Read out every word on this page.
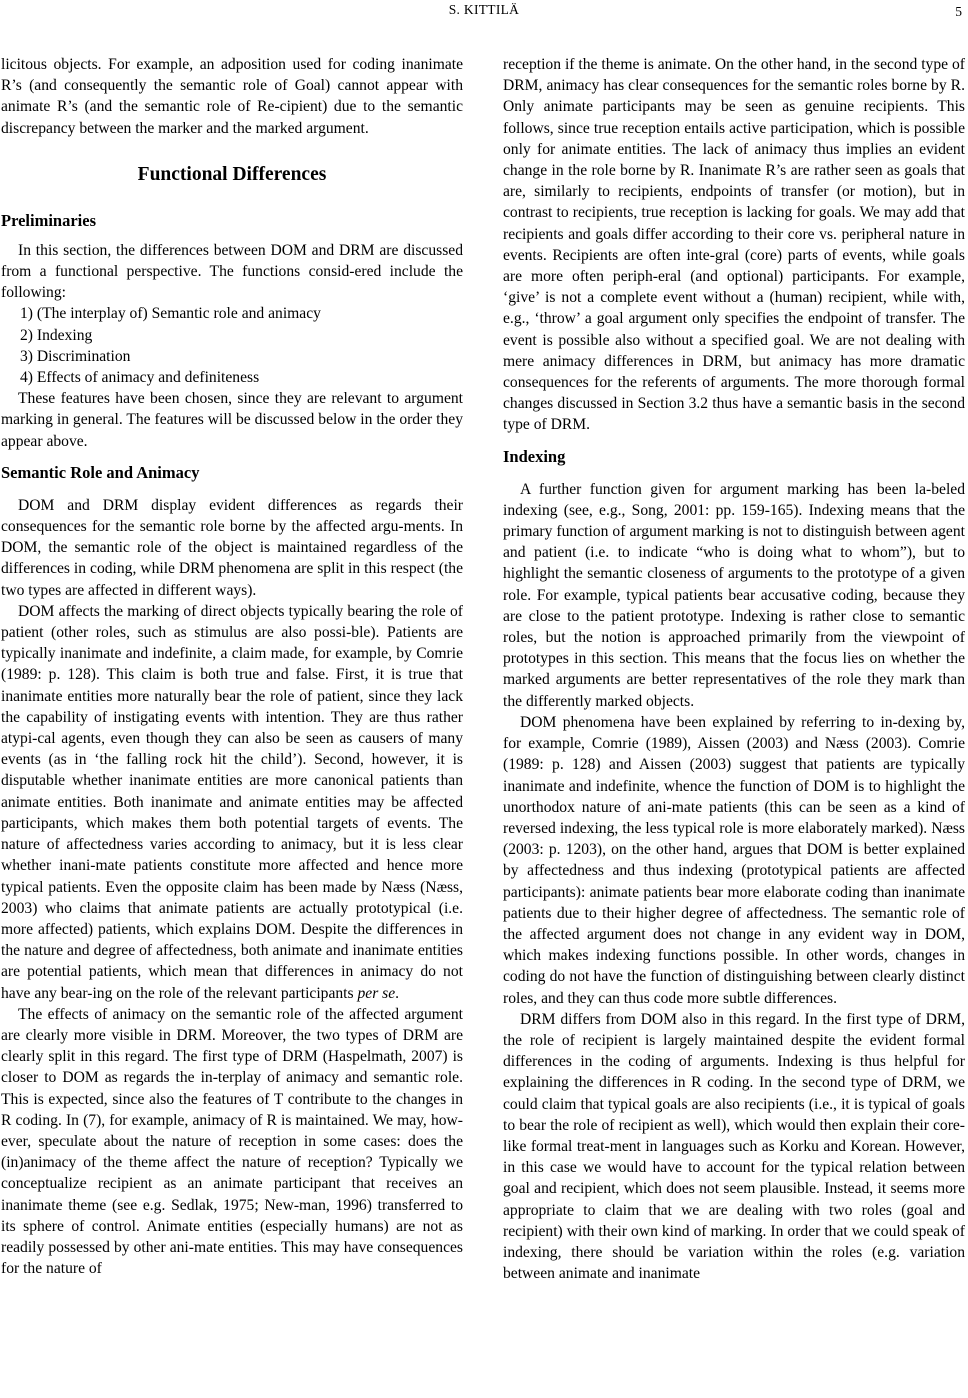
S. KITTILÄ	5

licitous objects. For example, an adposition used for coding inanimate R’s (and consequently the semantic role of Goal) cannot appear with animate R’s (and the semantic role of Re-cipient) due to the semantic discrepancy between the marker and the marked argument.

Functional Differences
Preliminaries

In this section, the differences between DOM and DRM are discussed from a functional perspective. The functions consid-ered include the following:

1) (The interplay of) Semantic role and animacy
2) Indexing
3) Discrimination
4) Effects of animacy and definiteness

These features have been chosen, since they are relevant to argument marking in general. The features will be discussed below in the order they appear above.

Semantic Role and Animacy

DOM and DRM display evident differences as regards their consequences for the semantic role borne by the affected argu-ments. In DOM, the semantic role of the object is maintained regardless of the differences in coding, while DRM phenomena are split in this respect (the two types are affected in different ways).

DOM affects the marking of direct objects typically bearing the role of patient (other roles, such as stimulus are also possi-ble). Patients are typically inanimate and indefinite, a claim made, for example, by Comrie (1989: p. 128). This claim is both true and false. First, it is true that inanimate entities more naturally bear the role of patient, since they lack the capability of instigating events with intention. They are thus rather atypi-cal agents, even though they can also be seen as causers of many events (as in ‘the falling rock hit the child’). Second, however, it is disputable whether inanimate entities are more canonical patients than animate entities. Both inanimate and animate entities may be affected participants, which makes them both potential targets of events. The nature of affectedness varies according to animacy, but it is less clear whether inani-mate patients constitute more affected and hence more typical patients. Even the opposite claim has been made by Næss (Næss, 2003) who claims that animate patients are actually prototypical (i.e. more affected) patients, which explains DOM. Despite the differences in the nature and degree of affectedness, both animate and inanimate entities are potential patients, which mean that differences in animacy do not have any bear-ing on the role of the relevant participants per se.

The effects of animacy on the semantic role of the affected argument are clearly more visible in DRM. Moreover, the two types of DRM are clearly split in this regard. The first type of DRM (Haspelmath, 2007) is closer to DOM as regards the in-terplay of animacy and semantic role. This is expected, since also the features of T contribute to the changes in R coding. In (7), for example, animacy of R is maintained. We may, how-ever, speculate about the nature of reception in some cases: does the (in)animacy of the theme affect the nature of reception? Typically we conceptualize recipient as an animate participant that receives an inanimate theme (see e.g. Sedlak, 1975; New-man, 1996) transferred to its sphere of control. Animate entities (especially humans) are not as readily possessed by other ani-mate entities. This may have consequences for the nature of

reception if the theme is animate. On the other hand, in the second type of DRM, animacy has clear consequences for the semantic roles borne by R. Only animate participants may be seen as genuine recipients. This follows, since true reception entails active participation, which is possible only for animate entities. The lack of animacy thus implies an evident change in the role borne by R. Inanimate R’s are rather seen as goals that are, similarly to recipients, endpoints of transfer (or motion), but in contrast to recipients, true reception is lacking for goals. We may add that recipients and goals differ according to their core vs. peripheral nature in events. Recipients are often inte-gral (core) parts of events, while goals are more often periph-eral (and optional) participants. For example, ‘give’ is not a complete event without a (human) recipient, while with, e.g., ‘throw’ a goal argument only specifies the endpoint of transfer. The event is possible also without a specified goal. We are not dealing with mere animacy differences in DRM, but animacy has more dramatic consequences for the referents of arguments. The more thorough formal changes discussed in Section 3.2 thus have a semantic basis in the second type of DRM.

Indexing

A further function given for argument marking has been la-beled indexing (see, e.g., Song, 2001: pp. 159-165). Indexing means that the primary function of argument marking is not to distinguish between agent and patient (i.e. to indicate “who is doing what to whom”), but to highlight the semantic closeness of arguments to the prototype of a given role. For example, typical patients bear accusative coding, because they are close to the patient prototype. Indexing is rather close to semantic roles, but the notion is approached primarily from the viewpoint of prototypes in this section. This means that the focus lies on whether the marked arguments are better representatives of the role they mark than the differently marked objects.

DOM phenomena have been explained by referring to in-dexing by, for example, Comrie (1989), Aissen (2003) and Næss (2003). Comrie (1989: p. 128) and Aissen (2003) suggest that patients are typically inanimate and indefinite, whence the function of DOM is to highlight the unorthodox nature of ani-mate patients (this can be seen as a kind of reversed indexing, the less typical role is more elaborately marked). Næss (2003: p. 1203), on the other hand, argues that DOM is better explained by affectedness and thus indexing (prototypical patients are affected participants): animate patients bear more elaborate coding than inanimate patients due to their higher degree of affectedness. The semantic role of the affected argument does not change in any evident way in DOM, which makes indexing functions possible. In other words, changes in coding do not have the function of distinguishing between clearly distinct roles, and they can thus code more subtle differences.

DRM differs from DOM also in this regard. In the first type of DRM, the role of recipient is largely maintained despite the evident formal differences in the coding of arguments. Indexing is thus helpful for explaining the differences in R coding. In the second type of DRM, we could claim that typical goals are also recipients (i.e., it is typical of goals to bear the role of recipient as well), which would then explain their core-like formal treat-ment in languages such as Korku and Korean. However, in this case we would have to account for the typical relation between goal and recipient, which does not seem plausible. Instead, it seems more appropriate to claim that we are dealing with two roles (goal and recipient) with their own kind of marking. In order that we could speak of indexing, there should be variation within the roles (e.g. variation between animate and inanimate
